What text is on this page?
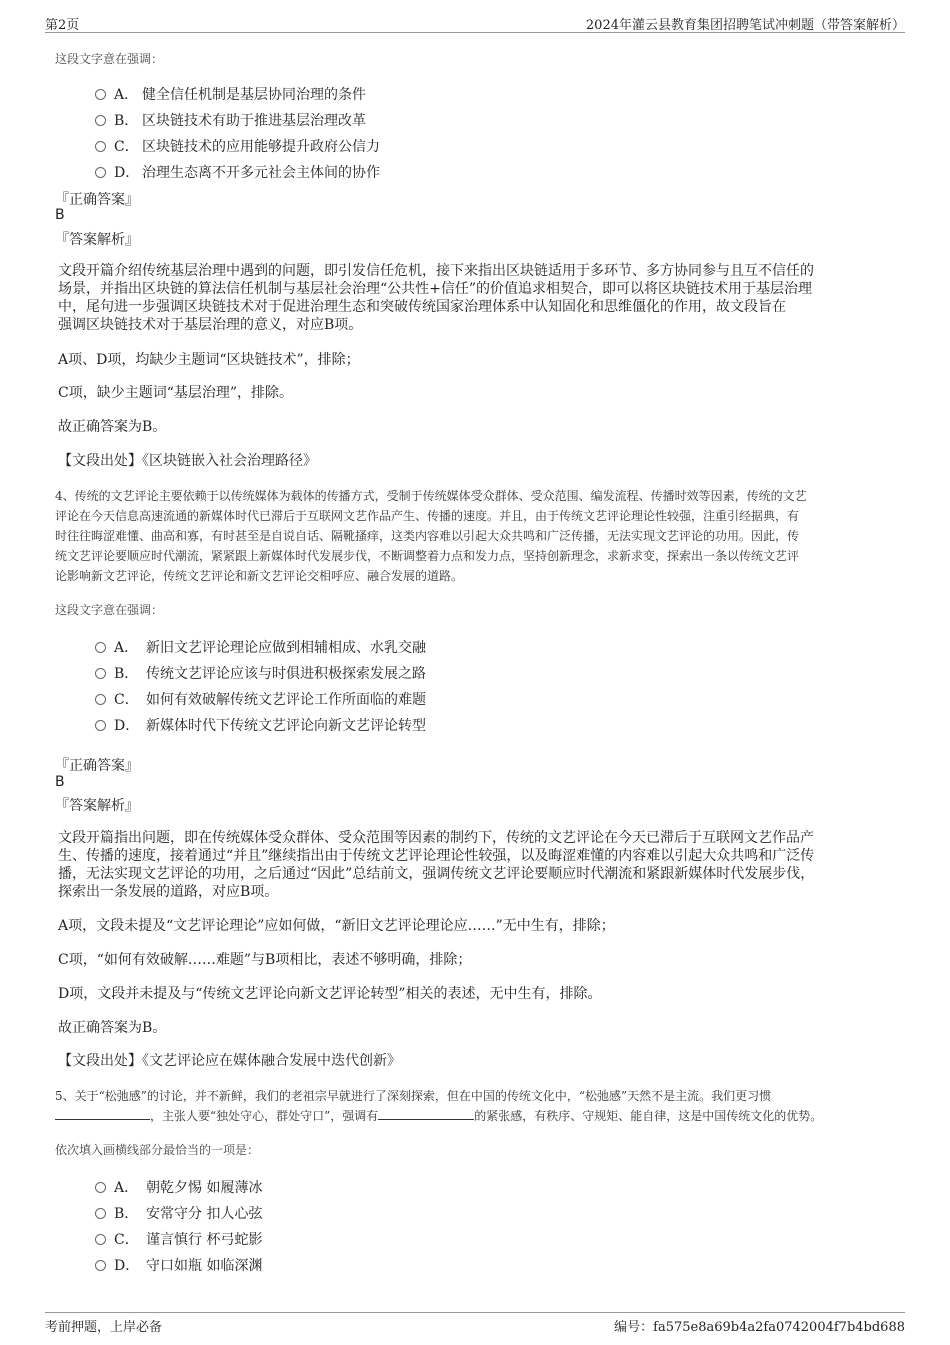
第2页	2024年灌云县教育集团招聘笔试冲刺题（带答案解析）
这段文字意在强调：
A． 健全信任机制是基层协同治理的条件
B． 区块链技术有助于推进基层治理改革
C． 区块链技术的应用能够提升政府公信力
D． 治理生态离不开多元社会主体间的协作
『正确答案』
B
『答案解析』
文段开篇介绍传统基层治理中遇到的问题，即引发信任危机，接下来指出区块链适用于多环节、多方协同参与且互不信任的
场景，并指出区块链的算法信任机制与基层社会治理“公共性+信任”的价值追求相契合，即可以将区块链技术用于基层治理
中，尾句进一步强调区块链技术对于促进治理生态和突破传统国家治理体系中认知固化和思维僵化的作用，故文段旨在
强调区块链技术对于基层治理的意义，对应B项。
A项、D项，均缺少主题词“区块链技术”，排除；
C项，缺少主题词“基层治理”，排除。
故正确答案为B。
【文段出处】《区块链嵌入社会治理路径》
4、传统的文艺评论主要依赖于以传统媒体为载体的传播方式，受制于传统媒体受众群体、受众范围、编发流程、传播时效等因素，传统的文艺
评论在今天信息高速流通的新媒体时代已滞后于互联网文艺作品产生、传播的速度。并且，由于传统文艺评论理论性较强，注重引经据典，有
时往往晦涩难懂、曲高和寡，有时甚至是自说自话、隔靴搔痒，这类内容难以引起大众共鸣和广泛传播，无法实现文艺评论的功用。因此，传
统文艺评论要顺应时代潮流，紧紧跟上新媒体时代发展步伐，不断调整着力点和发力点，坚持创新理念，求新求变，探索出一条以传统文艺评
论影响新文艺评论，传统文艺评论和新文艺评论交相呼应、融合发展的道路。
这段文字意在强调：
A． 新旧文艺评论理论应做到相辅相成、水乳交融
B． 传统文艺评论应该与时俱进积极探索发展之路
C． 如何有效破解传统文艺评论工作所面临的难题
D． 新媒体时代下传统文艺评论向新文艺评论转型
『正确答案』
B
『答案解析』
文段开篇指出问题，即在传统媒体受众群体、受众范围等因素的制约下，传统的文艺评论在今天已滞后于互联网文艺作品产
生、传播的速度，接着通过“并且”继续指出由于传统文艺评论理论性较强，以及晦涩难懂的内容难以引起大众共鸣和广泛传
播，无法实现文艺评论的功用，之后通过“因此”总结前文，强调传统文艺评论要顺应时代潮流和紧跟新媒体时代发展步伐，
探索出一条发展的道路，对应B项。
A项，文段未提及“文艺评论理论”应如何做，“新旧文艺评论理论应……”无中生有，排除；
C项，“如何有效破解……难题”与B项相比，表述不够明确，排除；
D项，文段并未提及与“传统文艺评论向新文艺评论转型”相关的表述，无中生有，排除。
故正确答案为B。
【文段出处】《文艺评论应在媒体融合发展中迭代创新》
5、关于“松弛感”的讨论，并不新鲜，我们的老祖宗早就进行了深刻探索，但在中国的传统文化中，“松弛感”天然不是主流。我们更习惯
，主张人要“独处守心，群处守口”，强调有	的紧张感，有秩序、守规矩、能自律，这是中国传统文化的优势。
依次填入画横线部分最恰当的一项是：
A． 朝乾夕惕 如履薄冰
B． 安常守分 扣人心弦
C． 谨言慎行 杯弓蛇影
D． 守口如瓶 如临深渊
考前押题，上岸必备	编号：fa575e8a69b4a2fa0742004f7b4bd688
